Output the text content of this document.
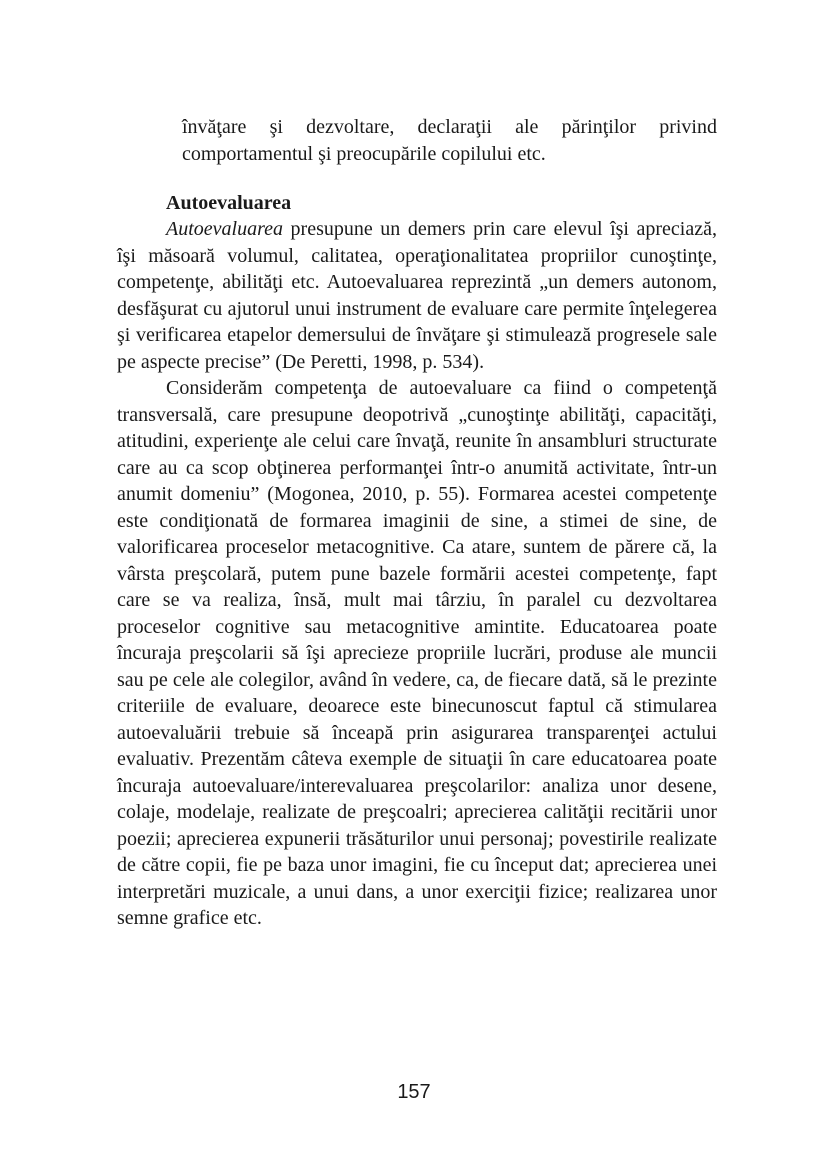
învăţare şi dezvoltare, declaraţii ale părinţilor privind comportamentul şi preocupările copilului etc.

Autoevaluarea

Autoevaluarea presupune un demers prin care elevul îşi apreciază, îşi măsoară volumul, calitatea, operaţionalitatea propriilor cunoştinţe, competenţe, abilităţi etc. Autoevaluarea reprezintă „un demers autonom, desfăşurat cu ajutorul unui instrument de evaluare care permite înţelegerea şi verificarea etapelor demersului de învăţare şi stimulează progresele sale pe aspecte precise” (De Peretti, 1998, p. 534).

Considerăm competenţa de autoevaluare ca fiind o competenţă transversală, care presupune deopotrivă „cunoştinţe abilităţi, capacităţi, atitudini, experienţe ale celui care învaţă, reunite în ansambluri structurate care au ca scop obţinerea performanţei într-o anumită activitate, într-un anumit domeniu” (Mogonea, 2010, p. 55). Formarea acestei competenţe este condiţionată de formarea imaginii de sine, a stimei de sine, de valorificarea proceselor metacognitive. Ca atare, suntem de părere că, la vârsta preşcolară, putem pune bazele formării acestei competenţe, fapt care se va realiza, însă, mult mai târziu, în paralel cu dezvoltarea proceselor cognitive sau metacognitive amintite. Educatoarea poate încuraja preşcolarii să îşi aprecieze propriile lucrări, produse ale muncii sau pe cele ale colegilor, având în vedere, ca, de fiecare dată, să le prezinte criteriile de evaluare, deoarece este binecunoscut faptul că stimularea autoevaluării trebuie să înceapă prin asigurarea transparenţei actului evaluativ. Prezentăm câteva exemple de situaţii în care educatoarea poate încuraja autoevaluare/interevaluarea preşcolarilor: analiza unor desene, colaje, modelaje, realizate de preşcoalri; aprecierea calităţii recitării unor poezii; aprecierea expunerii trăsăturilor unui personaj; povestirile realizate de către copii, fie pe baza unor imagini, fie cu început dat; aprecierea unei interpretări muzicale, a unui dans, a unor exerciţii fizice; realizarea unor semne grafice etc.

157
